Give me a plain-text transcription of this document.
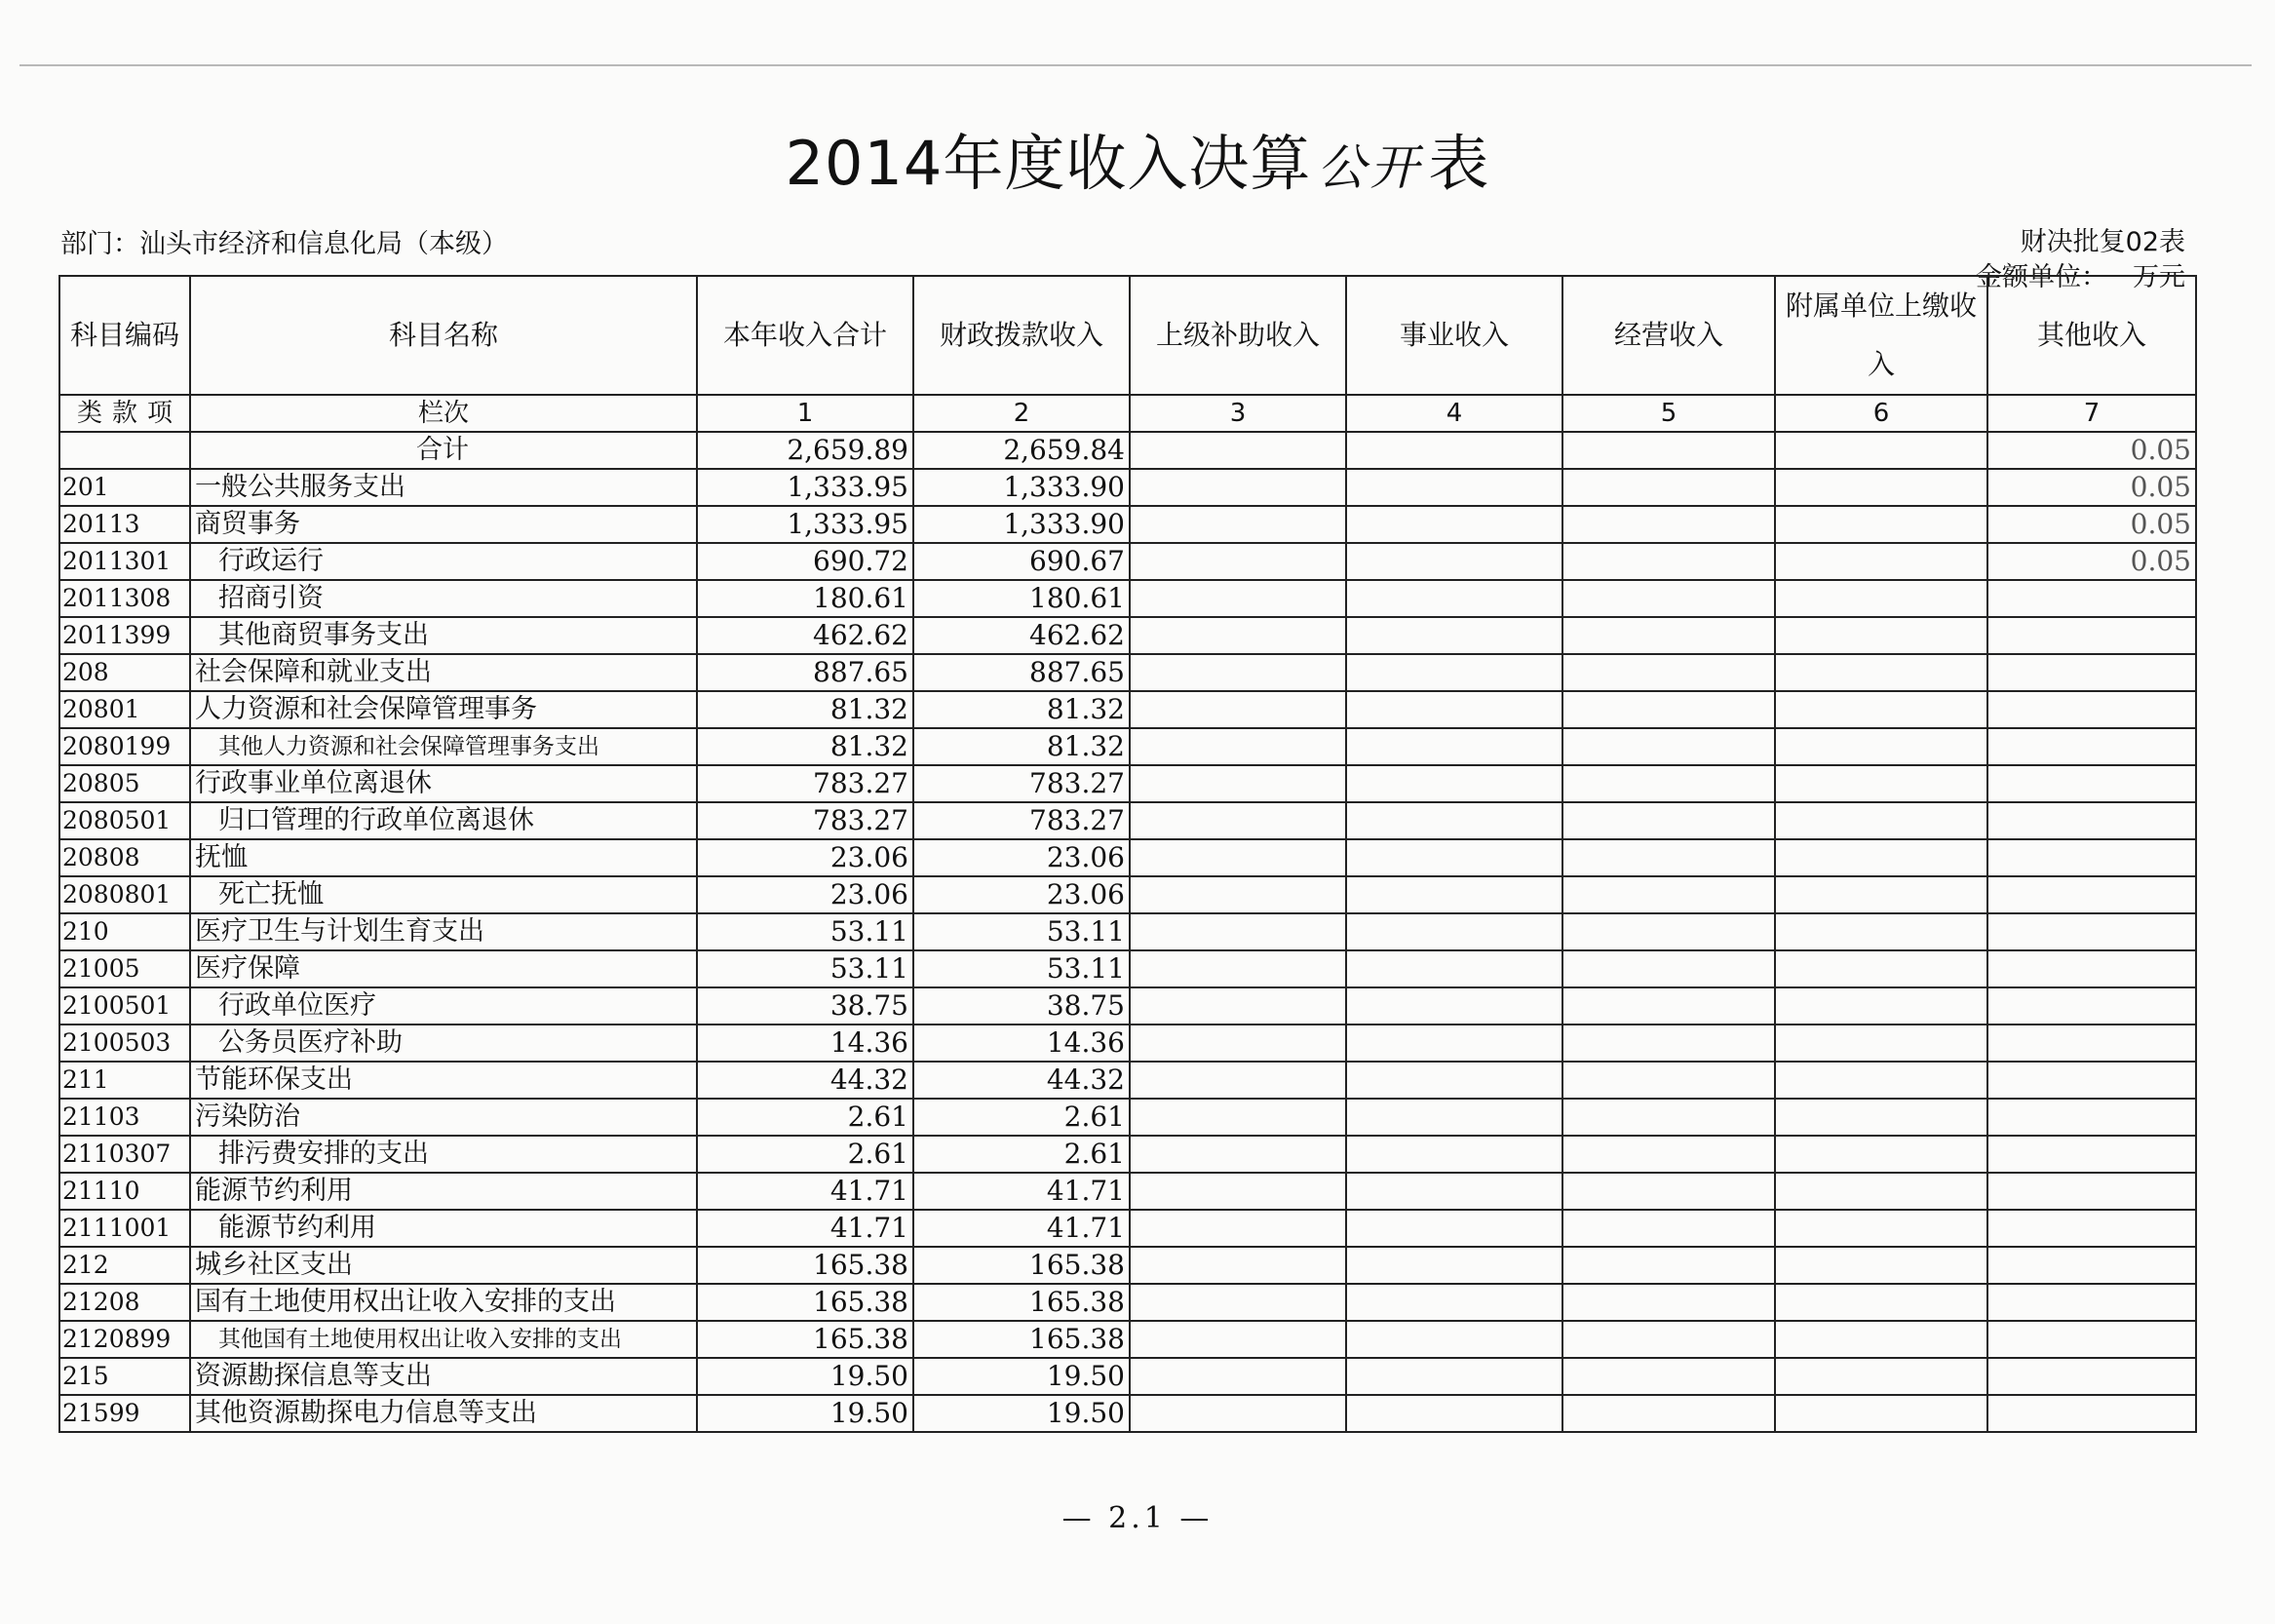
2014年度收入决算 公开表
部门：汕头市经济和信息化局（本级）	财决批复02表
金额单位： 万元
科目编码	科目名称	本年收入合计	财政拨款收入	上级补助收入	事业收入	经营收入	附属单位上缴收入	其他收入
类 款 项	栏次	1	2	3	4	5	6	7
	合计	2,659.89	2,659.84					0.05
201	一般公共服务支出	1,333.95	1,333.90					0.05
20113	商贸事务	1,333.95	1,333.90					0.05
2011301	行政运行	690.72	690.67					0.05
2011308	招商引资	180.61	180.61					
2011399	其他商贸事务支出	462.62	462.62					
208	社会保障和就业支出	887.65	887.65					
20801	人力资源和社会保障管理事务	81.32	81.32					
2080199	其他人力资源和社会保障管理事务支出	81.32	81.32					
20805	行政事业单位离退休	783.27	783.27					
2080501	归口管理的行政单位离退休	783.27	783.27					
20808	抚恤	23.06	23.06					
2080801	死亡抚恤	23.06	23.06					
210	医疗卫生与计划生育支出	53.11	53.11					
21005	医疗保障	53.11	53.11					
2100501	行政单位医疗	38.75	38.75					
2100503	公务员医疗补助	14.36	14.36					
211	节能环保支出	44.32	44.32					
21103	污染防治	2.61	2.61					
2110307	排污费安排的支出	2.61	2.61					
21110	能源节约利用	41.71	41.71					
2111001	能源节约利用	41.71	41.71					
212	城乡社区支出	165.38	165.38					
21208	国有土地使用权出让收入安排的支出	165.38	165.38					
2120899	其他国有土地使用权出让收入安排的支出	165.38	165.38					
215	资源勘探信息等支出	19.50	19.50					
21599	其他资源勘探电力信息等支出	19.50	19.50					
— 2.1 —
